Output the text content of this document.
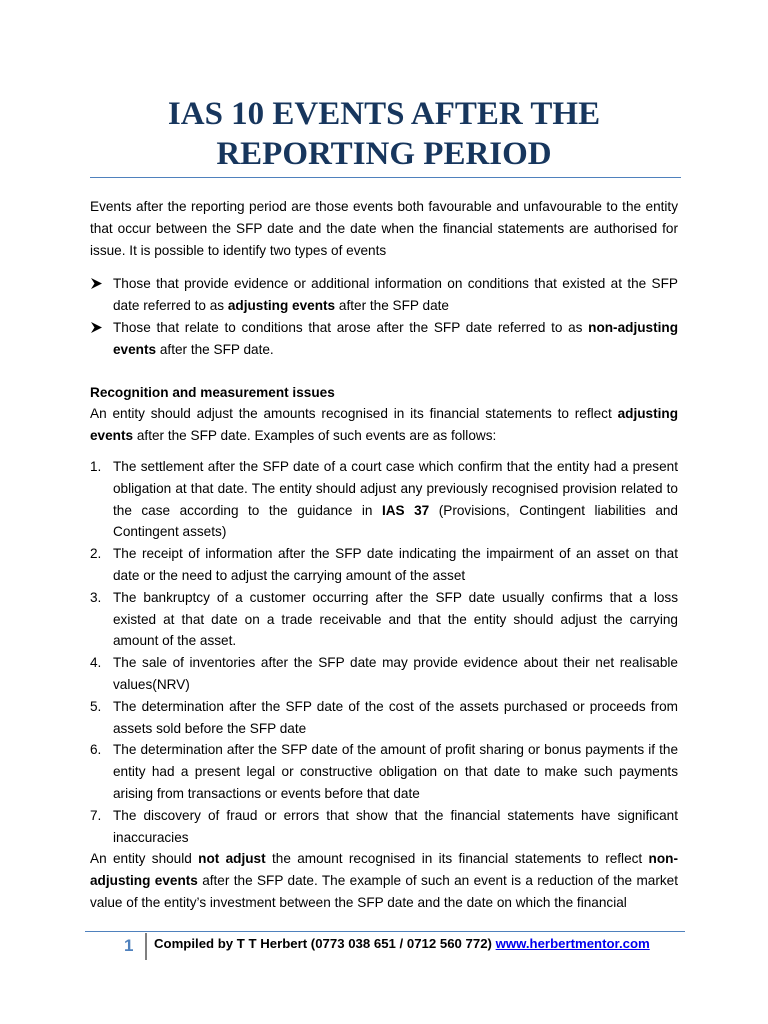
IAS 10 EVENTS AFTER THE
REPORTING PERIOD

Events after the reporting period are those events both favourable and unfavourable to the entity that occur between the SFP date and the date when the financial statements are authorised for issue. It is possible to identify two types of events

Those that provide evidence or additional information on conditions that existed at the SFP date referred to as adjusting events after the SFP date
Those that relate to conditions that arose after the SFP date referred to as non-adjusting events after the SFP date.
Recognition and measurement issues

An entity should adjust the amounts recognised in its financial statements to reflect adjusting events after the SFP date. Examples of such events are as follows:

1. The settlement after the SFP date of a court case which confirm that the entity had a present obligation at that date. The entity should adjust any previously recognised provision related to the case according to the guidance in IAS 37 (Provisions, Contingent liabilities and Contingent assets)
2. The receipt of information after the SFP date indicating the impairment of an asset on that date or the need to adjust the carrying amount of the asset
3. The bankruptcy of a customer occurring after the SFP date usually confirms that a loss existed at that date on a trade receivable and that the entity should adjust the carrying amount of the asset.
4. The sale of inventories after the SFP date may provide evidence about their net realisable values(NRV)
5. The determination after the SFP date of the cost of the assets purchased or proceeds from assets sold before the SFP date
6. The determination after the SFP date of the amount of profit sharing or bonus payments if the entity had a present legal or constructive obligation on that date to make such payments arising from transactions or events before that date
7. The discovery of fraud or errors that show that the financial statements have significant inaccuracies

An entity should not adjust the amount recognised in its financial statements to reflect non-adjusting events after the SFP date. The example of such an event is a reduction of the market value of the entity’s investment between the SFP date and the date on which the financial

1 Compiled by T T Herbert (0773 038 651 / 0712 560 772) www.herbertmentor.com
